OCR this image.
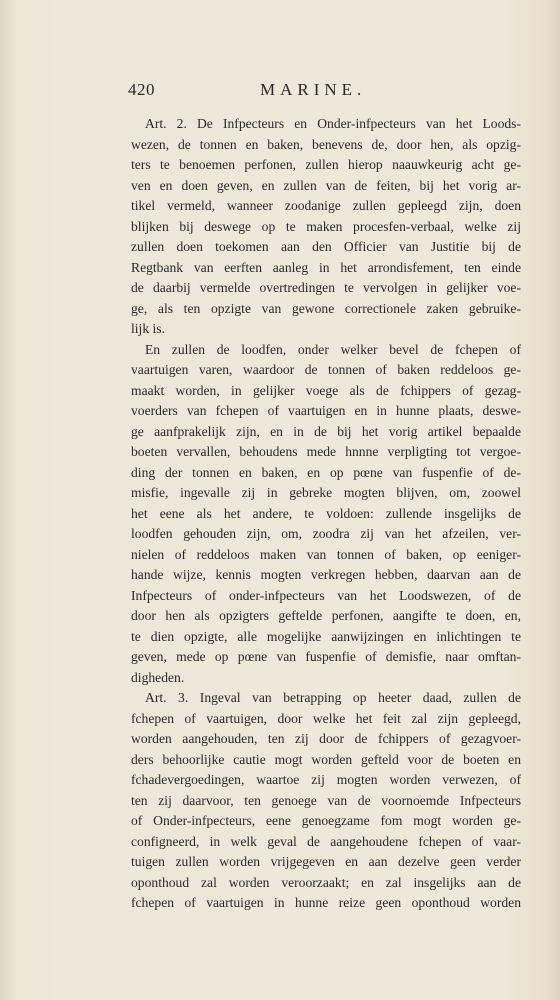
420	MARINE.
Art. 2. De Infpecteurs en Onder-infpecteurs van het Loods-
wezen, de tonnen en baken, benevens de, door hen, als opzig-
ters te benoemen perfonen, zullen hierop naauwkeurig acht ge-
ven en doen geven, en zullen van de feiten, bij het vorig ar-
tikel vermeld, wanneer zoodanige zullen gepleegd zijn, doen
blijken bij deswege op te maken procesfen-verbaal, welke zij
zullen doen toekomen aan den Officier van Justitie bij de
Regtbank van eerften aanleg in het arrondisfement, ten einde
de daarbij vermelde overtredingen te vervolgen in gelijker voe-
ge, als ten opzigte van gewone correctionele zaken gebruike-
lijk is.
En zullen de loodfen, onder welker bevel de fchepen of
vaartuigen varen, waardoor de tonnen of baken reddeloos ge-
maakt worden, in gelijker voege als de fchippers of gezag-
voerders van fchepen of vaartuigen en in hunne plaats, deswe-
ge aanfprakelijk zijn, en in de bij het vorig artikel bepaalde
boeten vervallen, behoudens mede hnnne verpligting tot vergoe-
ding der tonnen en baken, en op pœne van fuspenfie of de-
misfie, ingevalle zij in gebreke mogten blijven, om, zoowel
het eene als het andere, te voldoen: zullende insgelijks de
loodfen gehouden zijn, om, zoodra zij van het afzeilen, ver-
nielen of reddeloos maken van tonnen of baken, op eeniger-
hande wijze, kennis mogten verkregen hebben, daarvan aan de
Infpecteurs of onder-infpecteurs van het Loodswezen, of de
door hen als opzigters geftelde perfonen, aangifte te doen, en,
te dien opzigte, alle mogelijke aanwijzingen en inlichtingen te
geven, mede op pœne van fuspenfie of demisfie, naar omftan-
digheden.
Art. 3. Ingeval van betrapping op heeter daad, zullen de
fchepen of vaartuigen, door welke het feit zal zijn gepleegd,
worden aangehouden, ten zij door de fchippers of gezagvoer-
ders behoorlijke cautie mogt worden gefteld voor de boeten en
fchadevergoedingen, waartoe zij mogten worden verwezen, of
ten zij daarvoor, ten genoege van de voornoemde Infpecteurs
of Onder-infpecteurs, eene genoegzame fom mogt worden ge-
configneerd, in welk geval de aangehoudene fchepen of vaar-
tuigen zullen worden vrijgegeven en aan dezelve geen verder
oponthoud zal worden veroorzaakt; en zal insgelijks aan de
fchepen of vaartuigen in hunne reize geen oponthoud worden
